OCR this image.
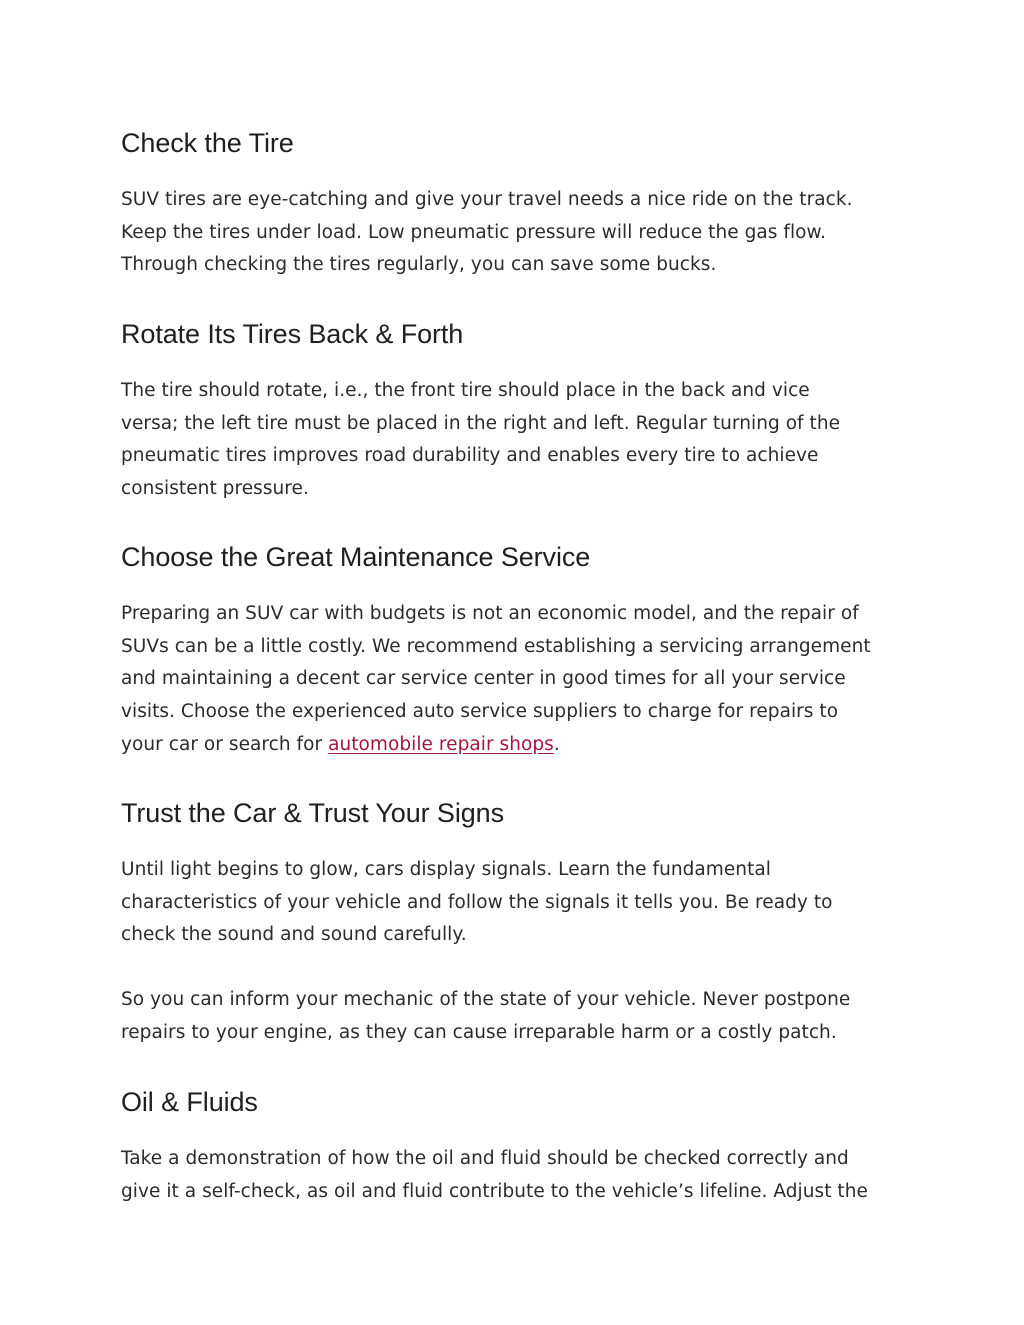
Check the Tire

SUV tires are eye-catching and give your travel needs a nice ride on the track.
Keep the tires under load. Low pneumatic pressure will reduce the gas flow.
Through checking the tires regularly, you can save some bucks.

Rotate Its Tires Back & Forth

The tire should rotate, i.e., the front tire should place in the back and vice
versa; the left tire must be placed in the right and left. Regular turning of the
pneumatic tires improves road durability and enables every tire to achieve
consistent pressure.

Choose the Great Maintenance Service

Preparing an SUV car with budgets is not an economic model, and the repair of
SUVs can be a little costly. We recommend establishing a servicing arrangement
and maintaining a decent car service center in good times for all your service
visits. Choose the experienced auto service suppliers to charge for repairs to
your car or search for automobile repair shops.

Trust the Car & Trust Your Signs

Until light begins to glow, cars display signals. Learn the fundamental
characteristics of your vehicle and follow the signals it tells you. Be ready to
check the sound and sound carefully.

So you can inform your mechanic of the state of your vehicle. Never postpone
repairs to your engine, as they can cause irreparable harm or a costly patch.

Oil & Fluids

Take a demonstration of how the oil and fluid should be checked correctly and
give it a self-check, as oil and fluid contribute to the vehicle’s lifeline. Adjust the
